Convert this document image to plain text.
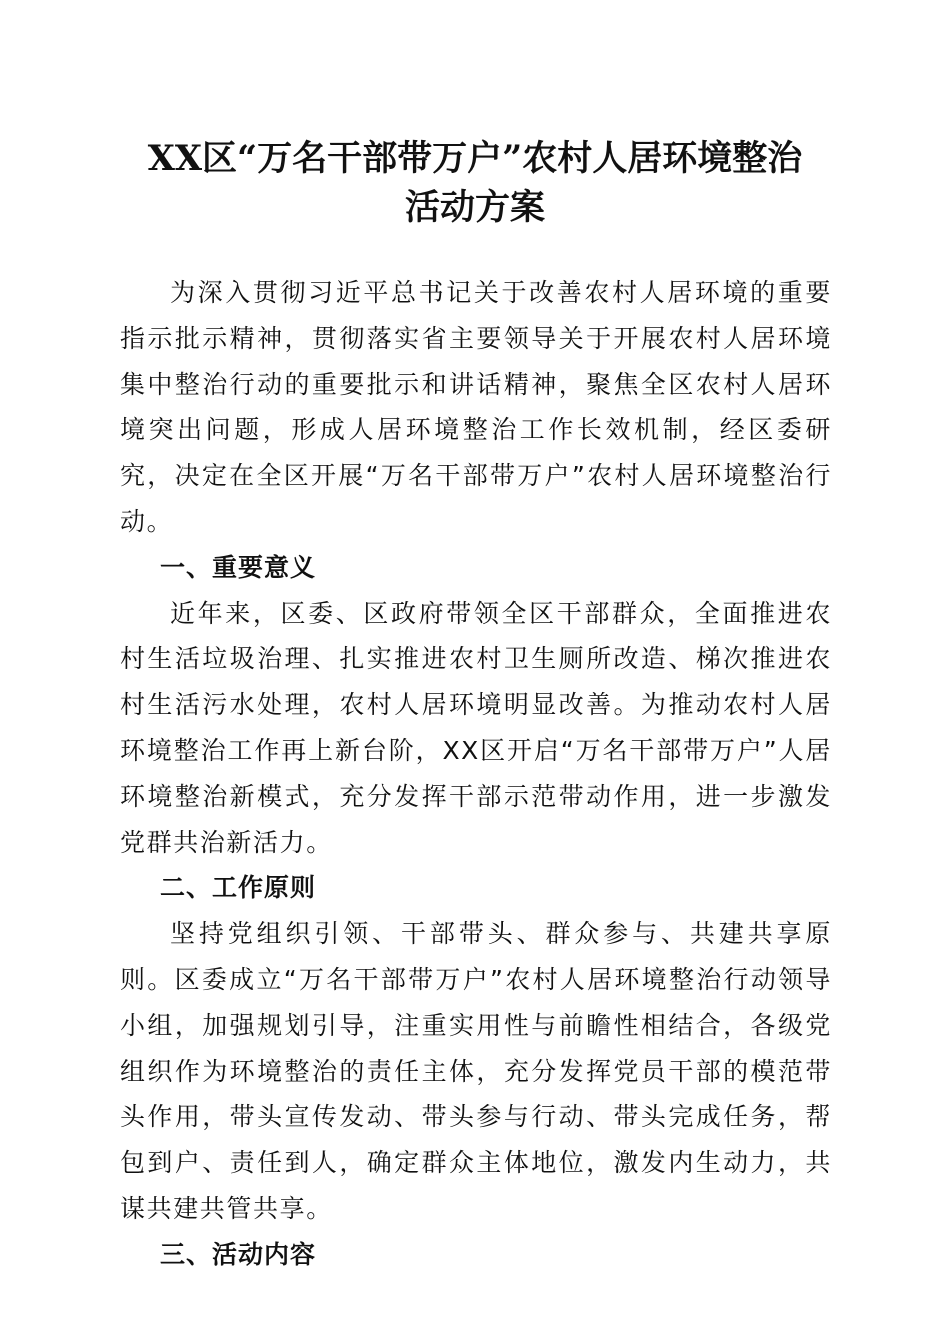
XX区“万名干部带万户”农村人居环境整治
活动方案

为深入贯彻习近平总书记关于改善农村人居环境的重要指示批示精神，贯彻落实省主要领导关于开展农村人居环境集中整治行动的重要批示和讲话精神，聚焦全区农村人居环境突出问题，形成人居环境整治工作长效机制，经区委研究，决定在全区开展“万名干部带万户”农村人居环境整治行动。

一、重要意义

近年来，区委、区政府带领全区干部群众，全面推进农村生活垃圾治理、扎实推进农村卫生厕所改造、梯次推进农村生活污水处理，农村人居环境明显改善。为推动农村人居环境整治工作再上新台阶，XX区开启“万名干部带万户”人居环境整治新模式，充分发挥干部示范带动作用，进一步激发党群共治新活力。

二、工作原则

坚持党组织引领、干部带头、群众参与、共建共享原则。区委成立“万名干部带万户”农村人居环境整治行动领导小组，加强规划引导，注重实用性与前瞻性相结合，各级党组织作为环境整治的责任主体，充分发挥党员干部的模范带头作用，带头宣传发动、带头参与行动、带头完成任务，帮包到户、责任到人，确定群众主体地位，激发内生动力，共谋共建共管共享。

三、活动内容
